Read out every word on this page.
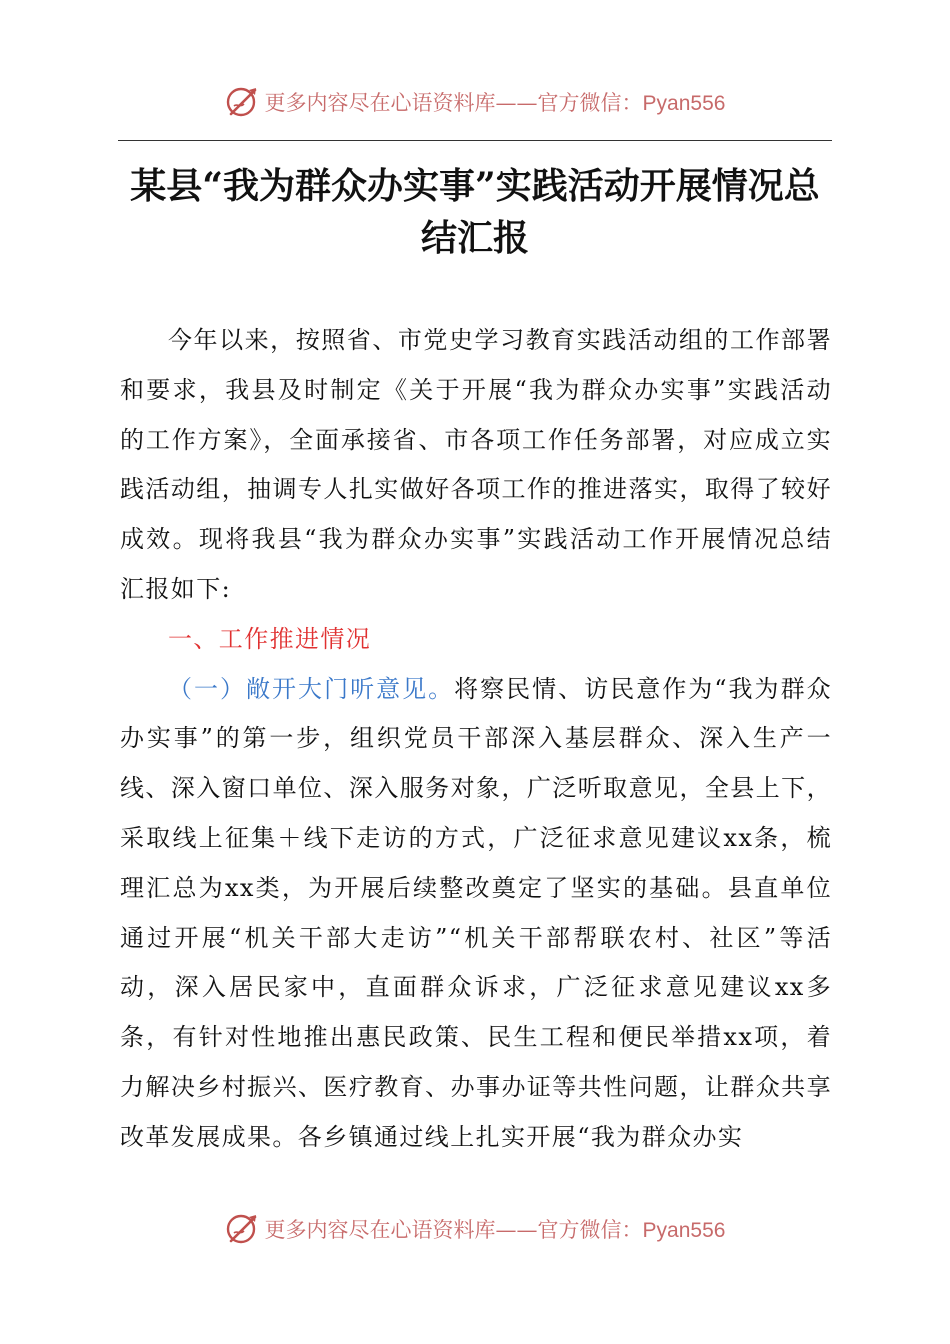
更多内容尽在心语资料库——官方微信：Pyan556
某县“我为群众办实事”实践活动开展情况总结汇报

今年以来，按照省、市党史学习教育实践活动组的工作部署和要求，我县及时制定《关于开展“我为群众办实事”实践活动的工作方案》，全面承接省、市各项工作任务部署，对应成立实践活动组，抽调专人扎实做好各项工作的推进落实，取得了较好成效。现将我县“我为群众办实事”实践活动工作开展情况总结汇报如下:

一、工作推进情况

（一）敞开大门听意见。将察民情、访民意作为“我为群众办实事”的第一步，组织党员干部深入基层群众、深入生产一线、深入窗口单位、深入服务对象，广泛听取意见，全县上下，采取线上征集＋线下走访的方式，广泛征求意见建议xx条，梳理汇总为xx类，为开展后续整改奠定了坚实的基础。县直单位通过开展“机关干部大走访”“机关干部帮联农村、社区”等活动，深入居民家中，直面群众诉求，广泛征求意见建议xx多条，有针对性地推出惠民政策、民生工程和便民举措xx项，着力解决乡村振兴、医疗教育、办事办证等共性问题，让群众共享改革发展成果。各乡镇通过线上扎实开展“我为群众办实

更多内容尽在心语资料库——官方微信：Pyan556
